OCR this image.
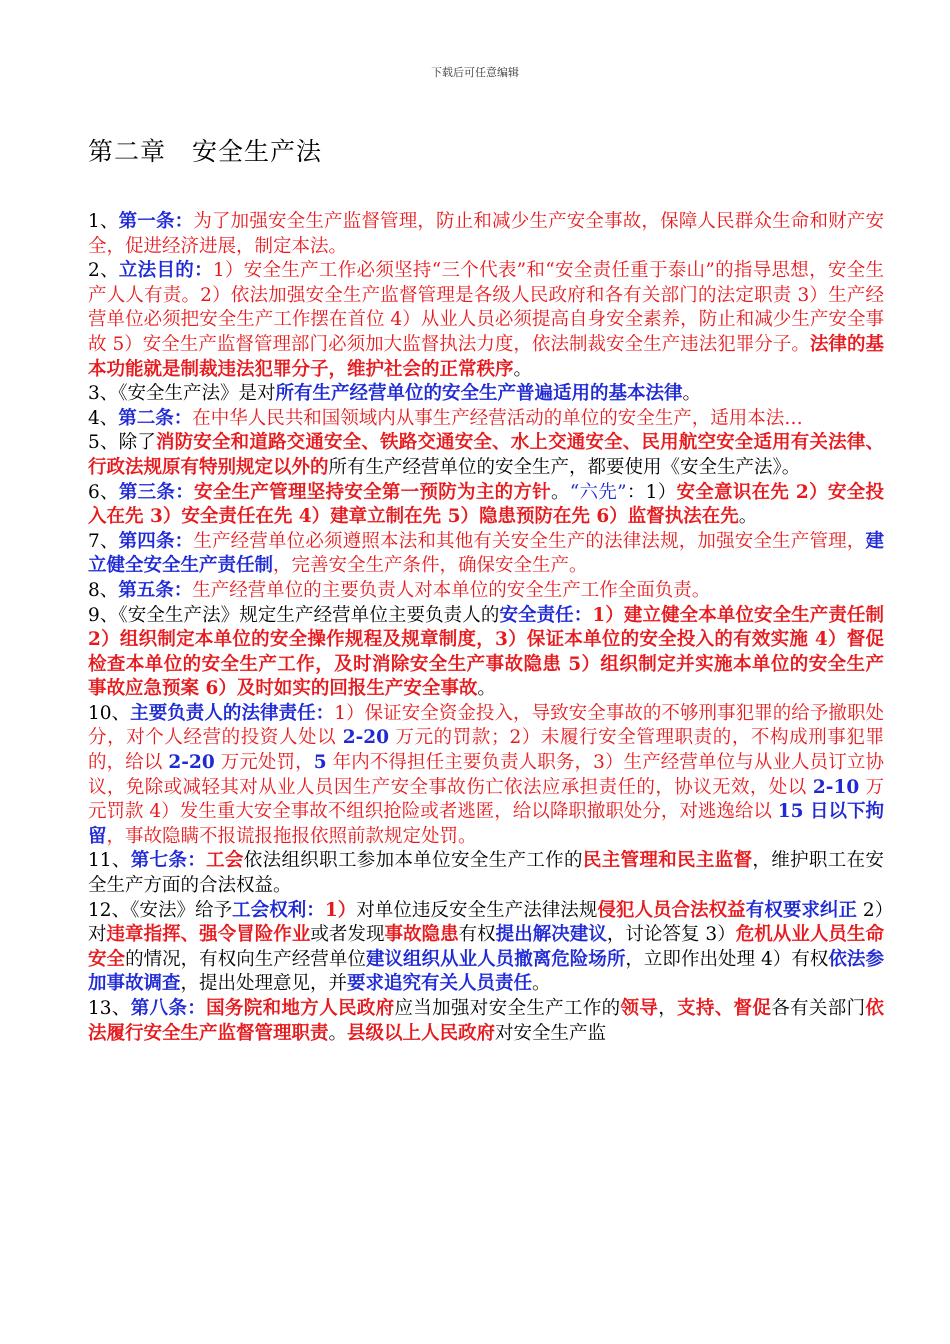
下载后可任意编辑
第二章　安全生产法

1、第一条：为了加强安全生产监督管理，防止和减少生产安全事故，保障人民群众生命和财产安全，促进经济进展，制定本法。

2、立法目的：1）安全生产工作必须坚持“三个代表”和“安全责任重于泰山”的指导思想，安全生产人人有责。2）依法加强安全生产监督管理是各级人民政府和各有关部门的法定职责 3）生产经营单位必须把安全生产工作摆在首位 4）从业人员必须提高自身安全素养，防止和减少生产安全事故 5）安全生产监督管理部门必须加大监督执法力度，依法制裁安全生产违法犯罪分子。法律的基本功能就是制裁违法犯罪分子，维护社会的正常秩序。

3、《安全生产法》是对所有生产经营单位的安全生产普遍适用的基本法律。

4、第二条：在中华人民共和国领域内从事生产经营活动的单位的安全生产，适用本法…

5、除了消防安全和道路交通安全、铁路交通安全、水上交通安全、民用航空安全适用有关法律、行政法规原有特别规定以外的所有生产经营单位的安全生产，都要使用《安全生产法》。

6、第三条：安全生产管理坚持安全第一预防为主的方针。“六先”：1）安全意识在先 2）安全投入在先 3）安全责任在先 4）建章立制在先 5）隐患预防在先 6）监督执法在先。

7、第四条：生产经营单位必须遵照本法和其他有关安全生产的法律法规，加强安全生产管理，建立健全安全生产责任制，完善安全生产条件，确保安全生产。

8、第五条：生产经营单位的主要负责人对本单位的安全生产工作全面负责。

9、《安全生产法》规定生产经营单位主要负责人的安全责任：1）建立健全本单位安全生产责任制 2）组织制定本单位的安全操作规程及规章制度，3）保证本单位的安全投入的有效实施 4）督促检查本单位的安全生产工作，及时消除安全生产事故隐患 5）组织制定并实施本单位的安全生产事故应急预案 6）及时如实的回报生产安全事故。

10、主要负责人的法律责任：1）保证安全资金投入，导致安全事故的不够刑事犯罪的给予撤职处分，对个人经营的投资人处以 2-20 万元的罚款；2）未履行安全管理职责的，不构成刑事犯罪的，给以 2-20 万元处罚，5 年内不得担任主要负责人职务，3）生产经营单位与从业人员订立协议，免除或减轻其对从业人员因生产安全事故伤亡依法应承担责任的，协议无效，处以 2-10 万元罚款 4）发生重大安全事故不组织抢险或者逃匿，给以降职撤职处分，对逃逸给以 15 日以下拘留，事故隐瞒不报谎报拖报依照前款规定处罚。

11、第七条：工会依法组织职工参加本单位安全生产工作的民主管理和民主监督，维护职工在安全生产方面的合法权益。

12、《安法》给予工会权利：1）对单位违反安全生产法律法规侵犯人员合法权益有权要求纠正 2）对违章指挥、强令冒险作业或者发现事故隐患有权提出解决建议，讨论答复 3）危机从业人员生命安全的情况，有权向生产经营单位建议组织从业人员撤离危险场所，立即作出处理 4）有权依法参加事故调查，提出处理意见，并要求追究有关人员责任。

13、第八条：国务院和地方人民政府应当加强对安全生产工作的领导，支持、督促各有关部门依法履行安全生产监督管理职责。县级以上人民政府对安全生产监
